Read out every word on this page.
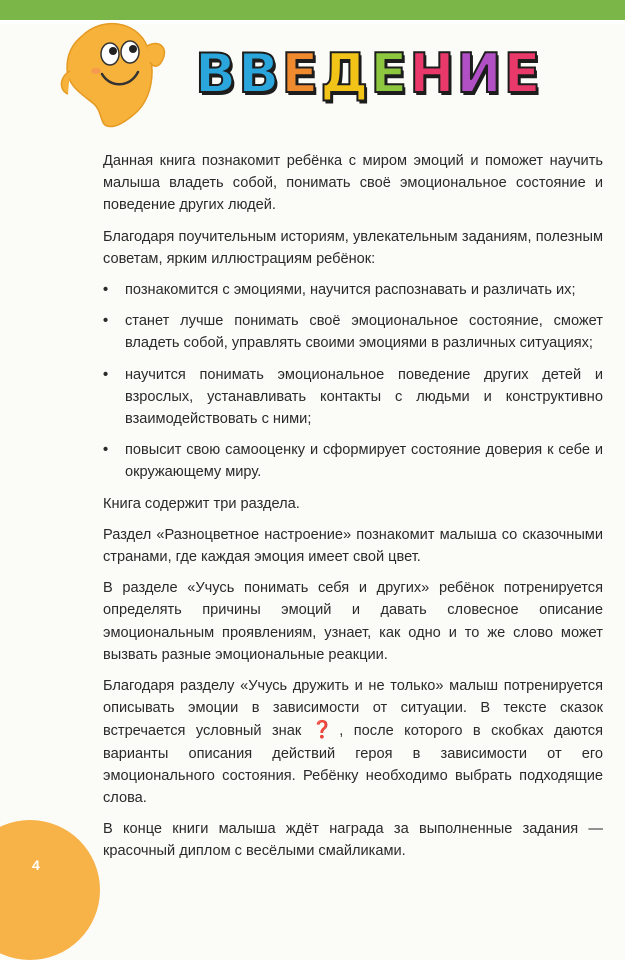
В В Е Д Е Н И Е

Данная книга познакомит ребёнка с миром эмоций и поможет научить малыша владеть собой, понимать своё эмоциональное состояние и поведение других людей.

Благодаря поучительным историям, увлекательным заданиям, полезным советам, ярким иллюстрациям ребёнок:

•	познакомится с эмоциями, научится распознавать и различать их;
•	станет лучше понимать своё эмоциональное состояние, сможет владеть собой, управлять своими эмоциями в различных ситуациях;
•	научится понимать эмоциональное поведение других детей и взрослых, устанавливать контакты с людьми и конструктивно взаимодействовать с ними;
•	повысит свою самооценку и сформирует состояние доверия к себе и окружающему миру.

Книга содержит три раздела.

Раздел «Разноцветное настроение» познакомит малыша со сказочными странами, где каждая эмоция имеет свой цвет.

В разделе «Учусь понимать себя и других» ребёнок потренируется определять причины эмоций и давать словесное описание эмоциональным проявлениям, узнает, как одно и то же слово может вызвать разные эмоциональные реакции.

Благодаря разделу «Учусь дружить и не только» малыш потренируется описывать эмоции в зависимости от ситуации. В тексте сказок встречается условный знак ❓, после которого в скобках даются варианты описания действий героя в зависимости от его эмоционального состояния. Ребёнку необходимо выбрать подходящие слова.

В конце книги малыша ждёт награда за выполненные задания — красочный диплом с весёлыми смайликами.

4
